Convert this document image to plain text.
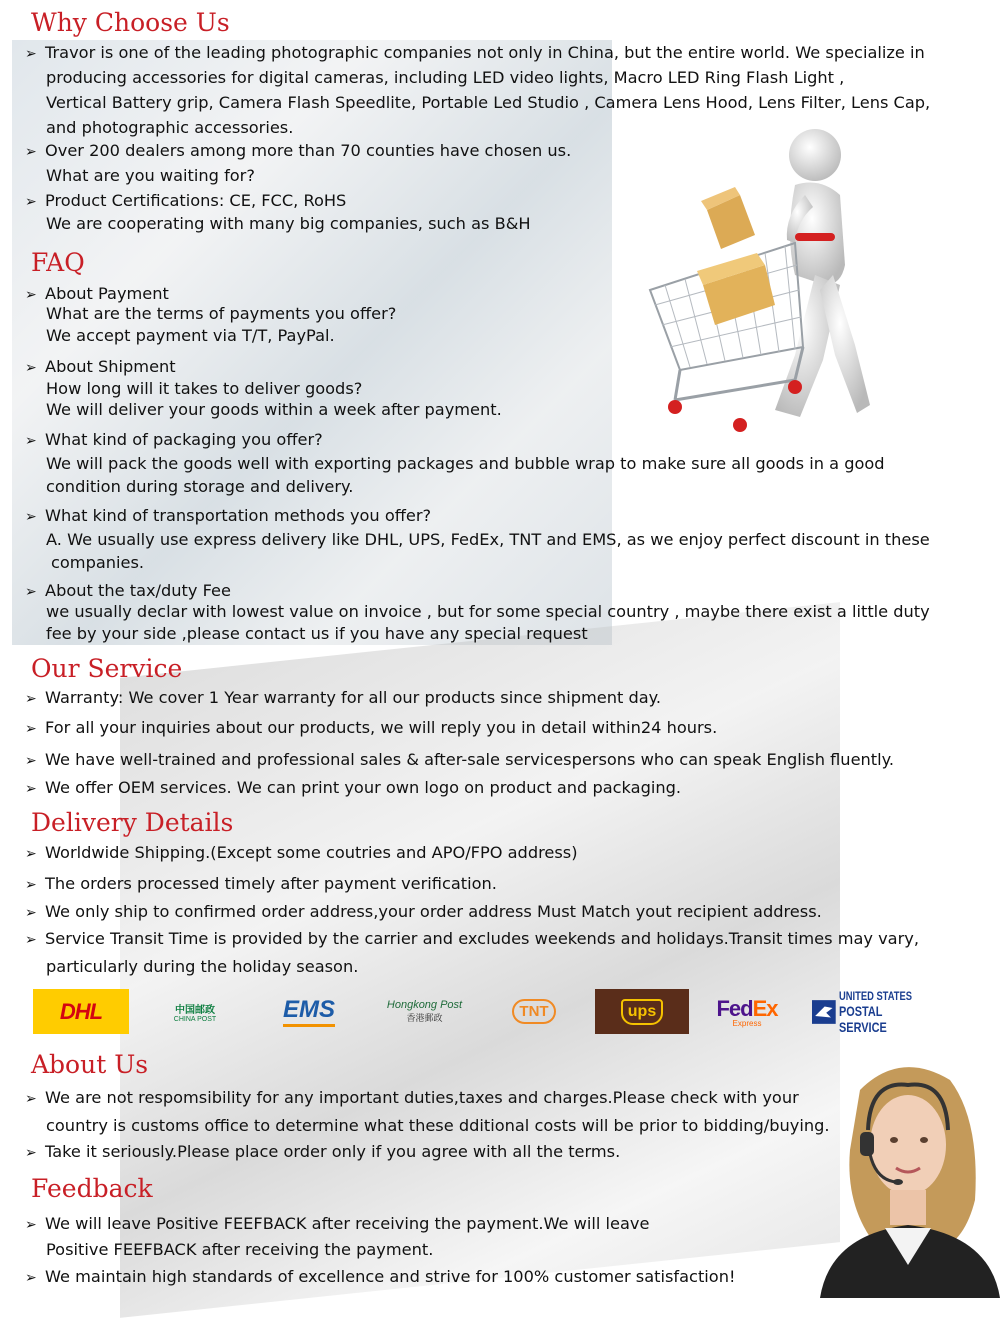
Why Choose Us
➢ Travor is one of the leading photographic companies not only in China, but the entire world. We specialize in
producing accessories for digital cameras, including LED video lights, Macro LED Ring Flash Light ,
Vertical Battery grip, Camera Flash Speedlite, Portable Led Studio , Camera Lens Hood, Lens Filter, Lens Cap,
and photographic accessories.
➢ Over 200 dealers among more than 70 counties have chosen us.
What are you waiting for?
➢ Product Certifications: CE, FCC, RoHS
We are cooperating with many big companies, such as B&H
FAQ
➢ About Payment
What are the terms of payments you offer?
We accept payment via T/T, PayPal.
➢ About Shipment
How long will it takes to deliver goods?
We will deliver your goods within a week after payment.
➢ What kind of packaging you offer?
We will pack the goods well with exporting packages and bubble wrap to make sure all goods in a good
condition during storage and delivery.
➢ What kind of transportation methods you offer?
A. We usually use express delivery like DHL, UPS, FedEx, TNT and EMS, as we enjoy perfect discount in these
companies.
➢ About the tax/duty Fee
we usually declar with lowest value on invoice , but for some special country , maybe there exist a little duty
fee by your side ,please contact us if you have any special request
Our Service
➢ Warranty: We cover 1 Year warranty for all our products since shipment day.
➢ For all your inquiries about our products, we will reply you in detail within24 hours.
➢ We have well-trained and professional sales & after-sale servicespersons who can speak English fluently.
➢ We offer OEM services. We can print your own logo on product and packaging.
Delivery Details
➢ Worldwide Shipping.(Except some coutries and APO/FPO address)
➢ The orders processed timely after payment verification.
➢ We only ship to confirmed order address,your order address Must Match yout recipient address.
➢ Service Transit Time is provided by the carrier and excludes weekends and holidays.Transit times may vary,
particularly during the holiday season.
DHL	中国邮政
CHINA POST	EMS	Hongkong Post
香港郵政	TNT	ups	FedEx
Express
UNITED STATES
POSTAL SERVICE
About Us
➢ We are not respomsibility for any important duties,taxes and charges.Please check with your
country is customs office to determine what these dditional costs will be prior to bidding/buying.
➢ Take it seriously.Please place order only if you agree with all the terms.
Feedback
➢ We will leave Positive FEEFBACK after receiving the payment.We will leave
Positive FEEFBACK after receiving the payment.
➢ We maintain high standards of excellence and strive for 100% customer satisfaction!
